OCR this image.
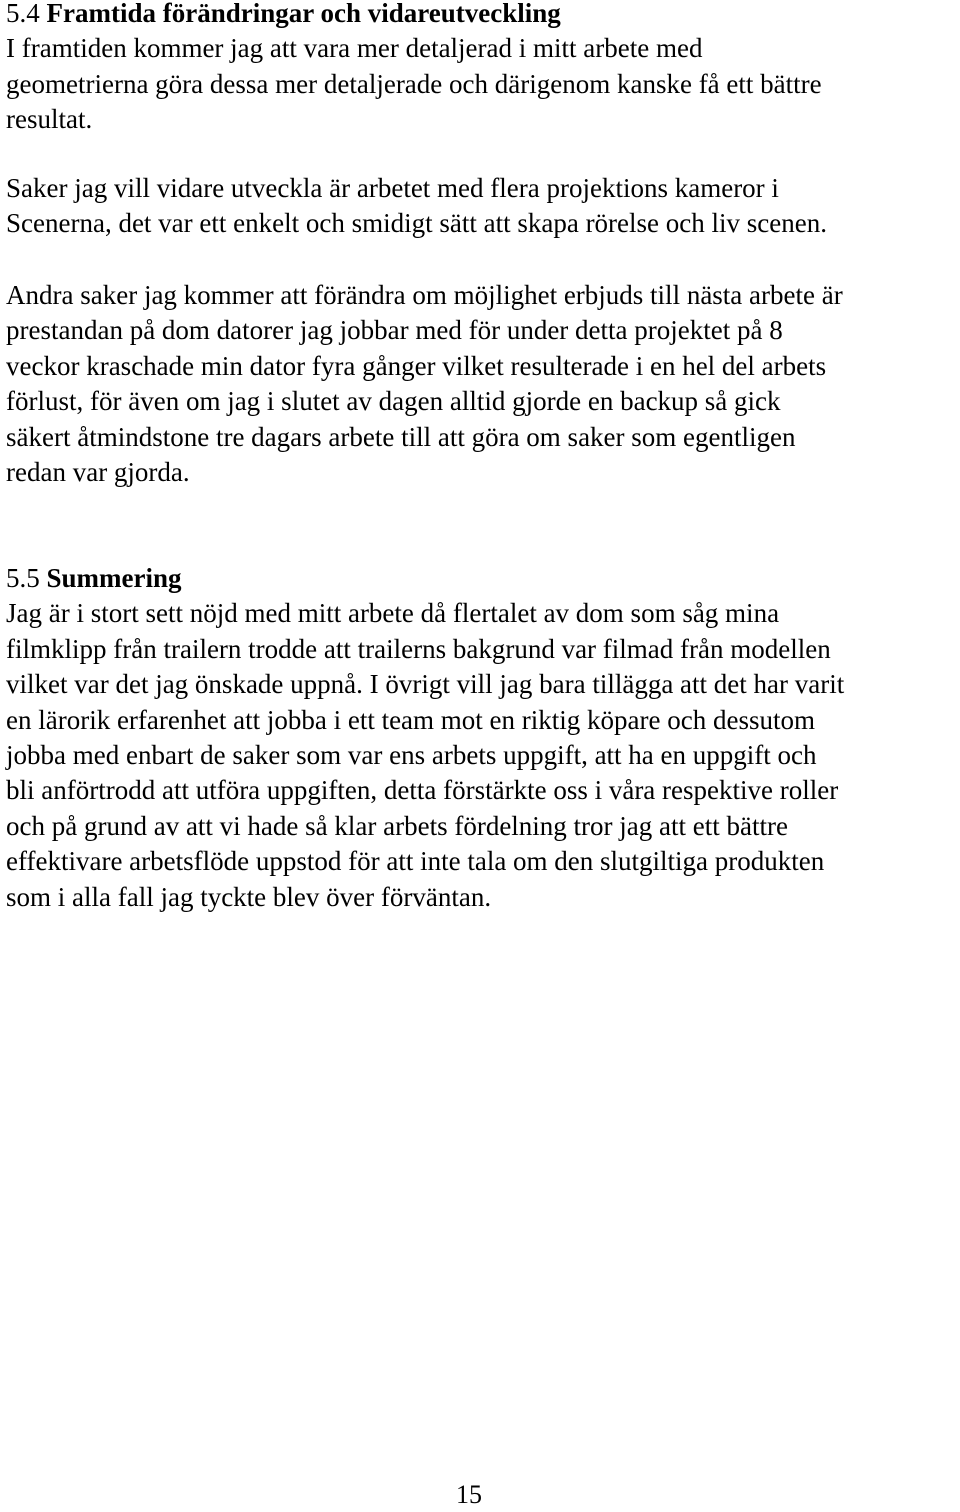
5.4 Framtida förändringar och vidareutveckling
I framtiden kommer jag att vara mer detaljerad i mitt arbete med
geometrierna göra dessa mer detaljerade och därigenom kanske få ett bättre
resultat.
Saker jag vill vidare utveckla är arbetet med flera projektions kameror i
Scenerna, det var ett enkelt och smidigt sätt att skapa rörelse och liv scenen.
Andra saker jag kommer att förändra om möjlighet erbjuds till nästa arbete är
prestandan på dom datorer jag jobbar med för under detta projektet på 8
veckor kraschade min dator fyra gånger vilket resulterade i en hel del arbets
förlust, för även om jag i slutet av dagen alltid gjorde en backup så gick
säkert åtmindstone tre dagars arbete till att göra om saker som egentligen
redan var gjorda.
5.5 Summering
Jag är i stort sett nöjd med mitt arbete då flertalet av dom som såg mina
filmklipp från trailern trodde att trailerns bakgrund var filmad från modellen
vilket var det jag önskade uppnå. I övrigt vill jag bara tillägga att det har varit
en lärorik erfarenhet att jobba i ett team mot en riktig köpare och dessutom
jobba med enbart de saker som var ens arbets uppgift, att ha en uppgift och
bli anförtrodd att utföra uppgiften, detta förstärkte oss i våra respektive roller
och på grund av att vi hade så klar arbets fördelning tror jag att ett bättre
effektivare arbetsflöde uppstod för att inte tala om den slutgiltiga produkten
som i alla fall jag tyckte blev över förväntan.
15
